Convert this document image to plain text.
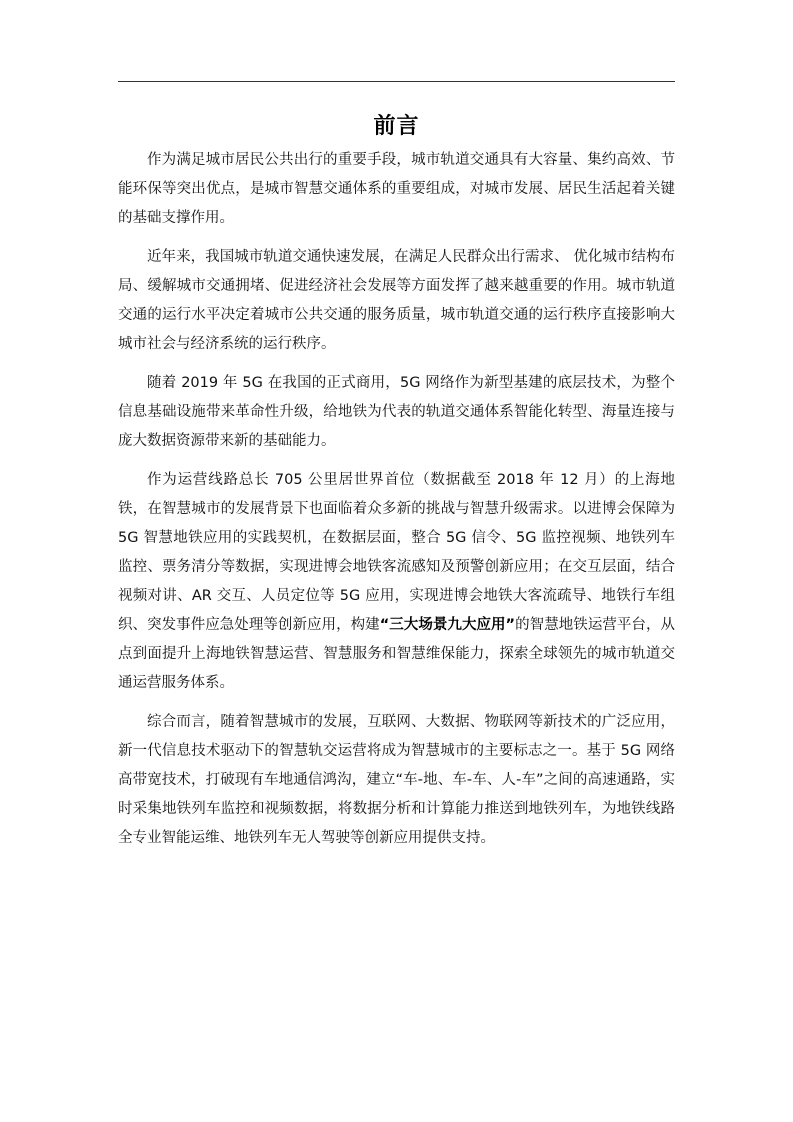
前言

作为满足城市居民公共出行的重要手段，城市轨道交通具有大容量、集约高效、节能环保等突出优点，是城市智慧交通体系的重要组成，对城市发展、居民生活起着关键的基础支撑作用。

近年来，我国城市轨道交通快速发展，在满足人民群众出行需求、 优化城市结构布局、缓解城市交通拥堵、促进经济社会发展等方面发挥了越来越重要的作用。城市轨道交通的运行水平决定着城市公共交通的服务质量，城市轨道交通的运行秩序直接影响大城市社会与经济系统的运行秩序。

随着 2019 年 5G 在我国的正式商用，5G 网络作为新型基建的底层技术，为整个信息基础设施带来革命性升级，给地铁为代表的轨道交通体系智能化转型、海量连接与庞大数据资源带来新的基础能力。

作为运营线路总长 705 公里居世界首位（数据截至 2018 年 12 月）的上海地铁，在智慧城市的发展背景下也面临着众多新的挑战与智慧升级需求。以进博会保障为 5G 智慧地铁应用的实践契机，在数据层面，整合 5G 信令、5G 监控视频、地铁列车监控、票务清分等数据，实现进博会地铁客流感知及预警创新应用；在交互层面，结合视频对讲、AR 交互、人员定位等 5G 应用，实现进博会地铁大客流疏导、地铁行车组织、突发事件应急处理等创新应用，构建“三大场景九大应用”的智慧地铁运营平台，从点到面提升上海地铁智慧运营、智慧服务和智慧维保能力，探索全球领先的城市轨道交通运营服务体系。

综合而言，随着智慧城市的发展，互联网、大数据、物联网等新技术的广泛应用，新一代信息技术驱动下的智慧轨交运营将成为智慧城市的主要标志之一。基于 5G 网络高带宽技术，打破现有车地通信鸿沟，建立“车-地、车-车、人-车”之间的高速通路，实时采集地铁列车监控和视频数据，将数据分析和计算能力推送到地铁列车，为地铁线路全专业智能运维、地铁列车无人驾驶等创新应用提供支持。
